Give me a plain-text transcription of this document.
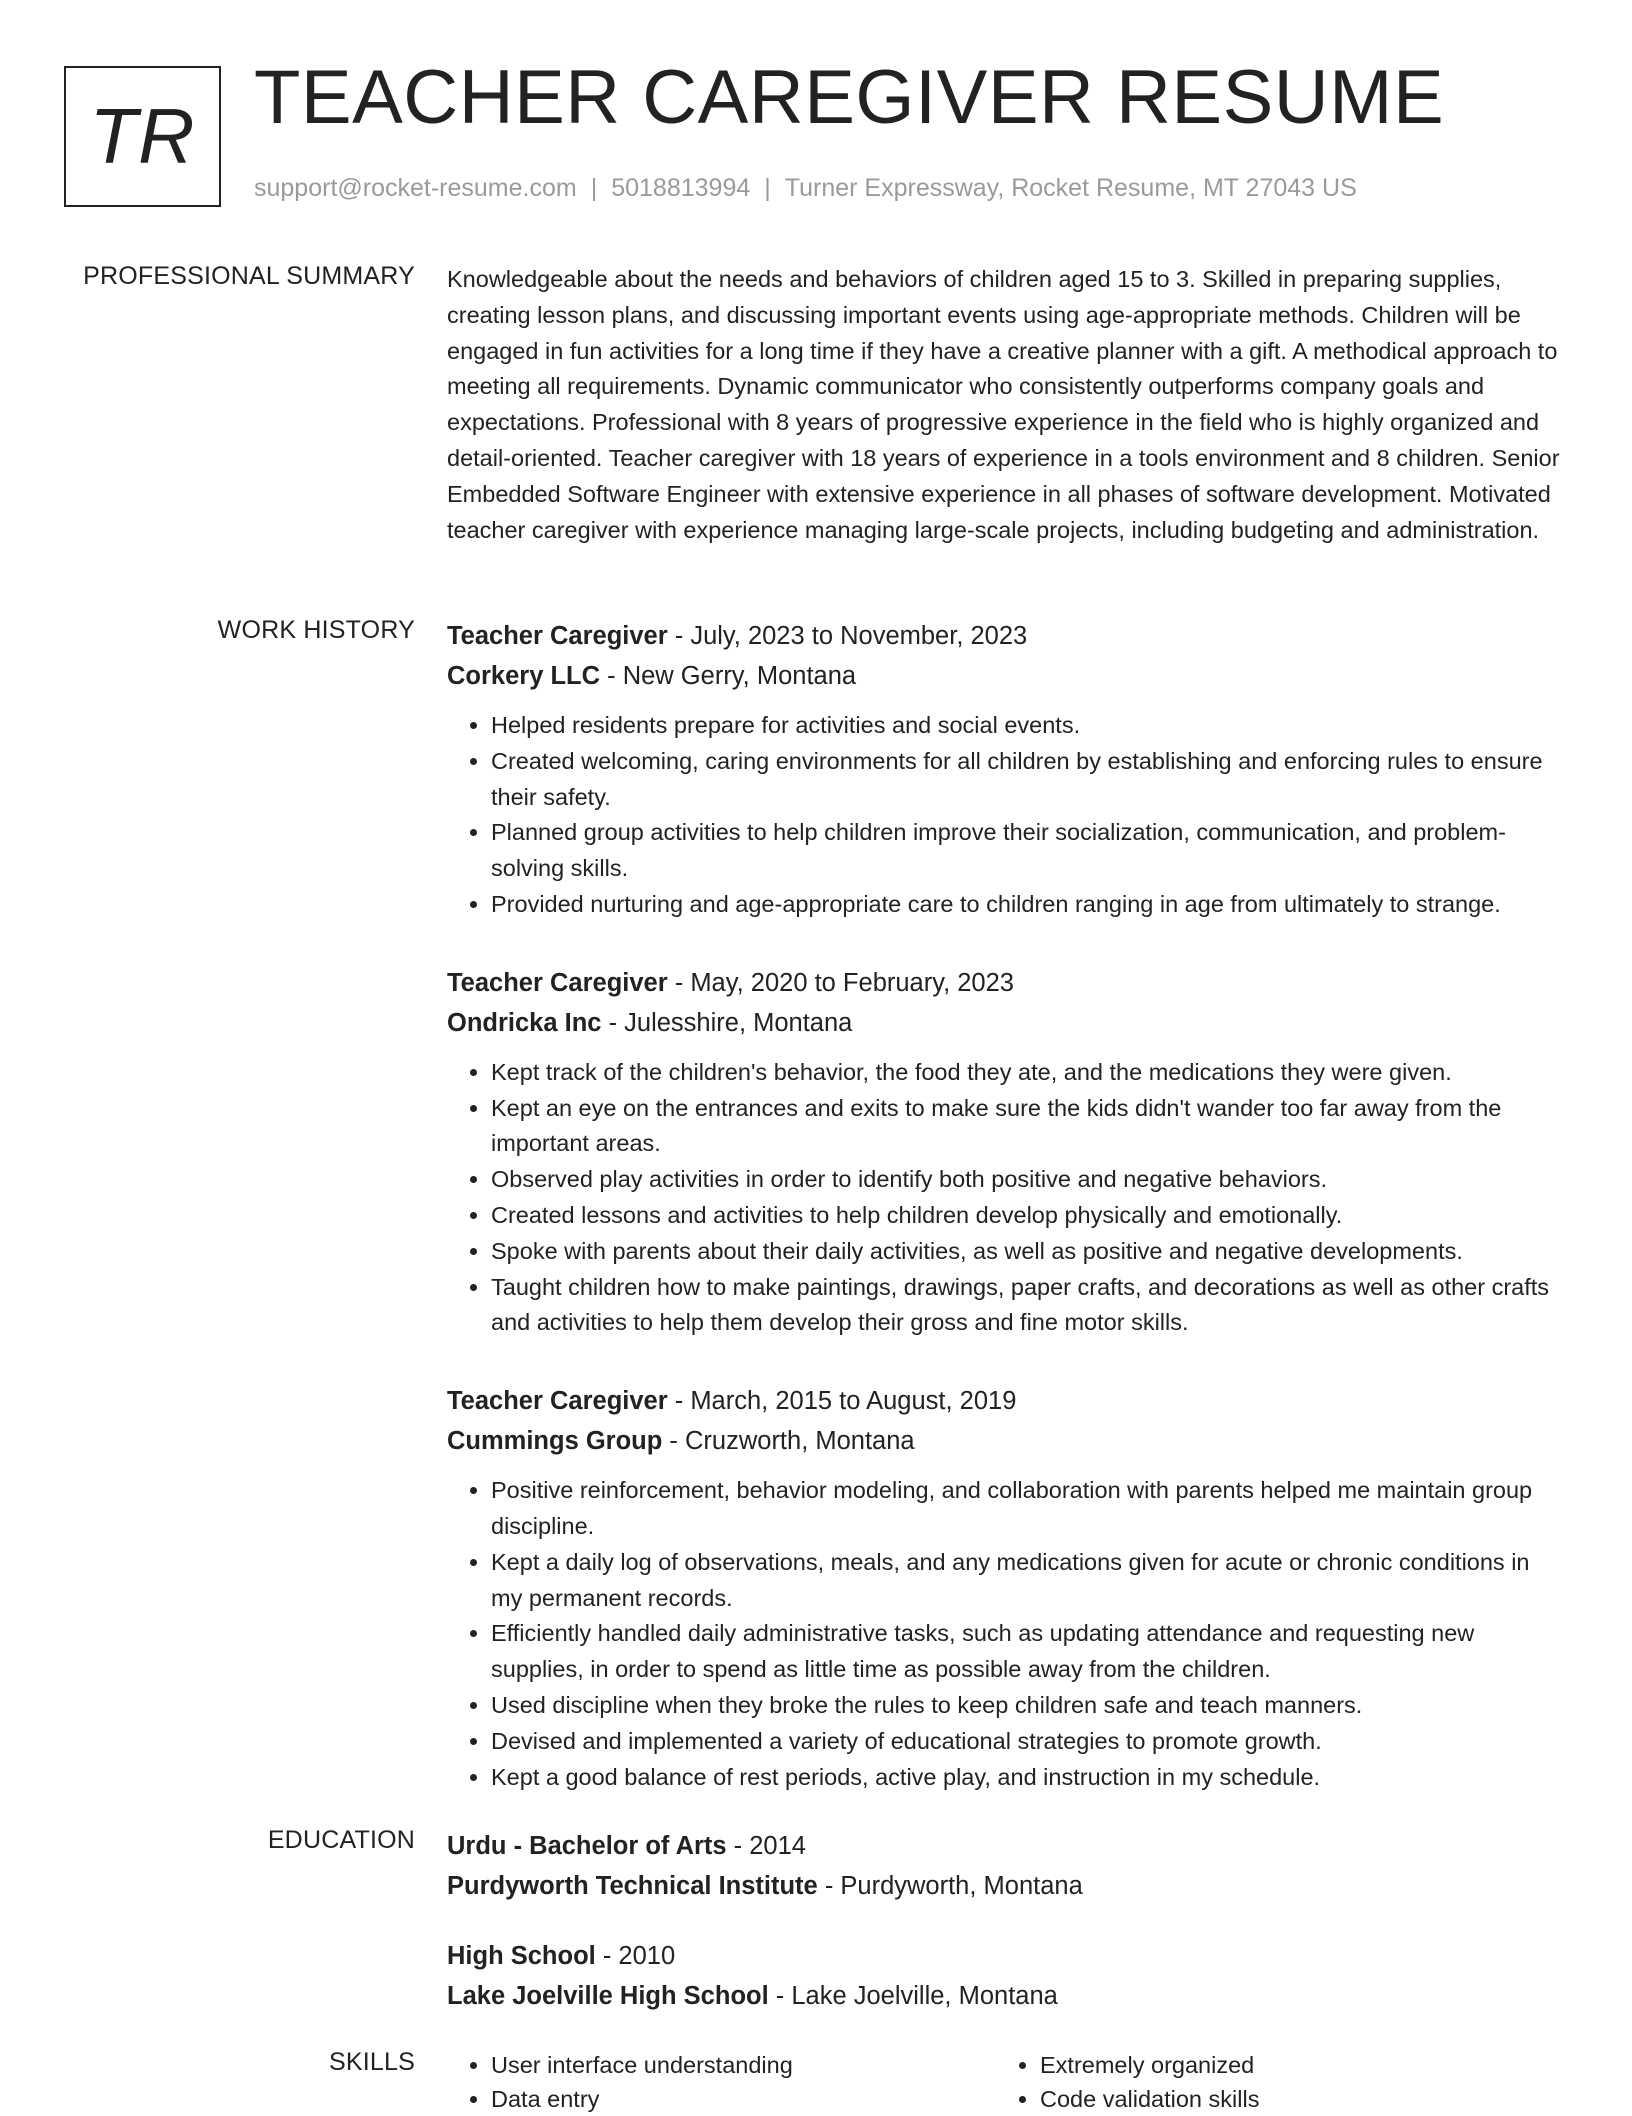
TR TEACHER CAREGIVER RESUME
support@rocket-resume.com | 5018813994 | Turner Expressway, Rocket Resume, MT 27043 US
PROFESSIONAL SUMMARY Knowledgeable about the needs and behaviors of children aged 15 to 3. Skilled in preparing supplies, creating lesson plans, and discussing important events using age-appropriate methods. Children will be engaged in fun activities for a long time if they have a creative planner with a gift. A methodical approach to meeting all requirements. Dynamic communicator who consistently outperforms company goals and expectations. Professional with 8 years of progressive experience in the field who is highly organized and detail-oriented. Teacher caregiver with 18 years of experience in a tools environment and 8 children. Senior Embedded Software Engineer with extensive experience in all phases of software development. Motivated teacher caregiver with experience managing large-scale projects, including budgeting and administration.

WORK HISTORY Teacher Caregiver - July, 2023 to November, 2023
Corkery LLC - New Gerry, Montana
• Helped residents prepare for activities and social events.
• Created welcoming, caring environments for all children by establishing and enforcing rules to ensure their safety.
• Planned group activities to help children improve their socialization, communication, and problem-solving skills.
• Provided nurturing and age-appropriate care to children ranging in age from ultimately to strange.
Teacher Caregiver - May, 2020 to February, 2023
Ondricka Inc - Julesshire, Montana
• Kept track of the children's behavior, the food they ate, and the medications they were given.
• Kept an eye on the entrances and exits to make sure the kids didn't wander too far away from the important areas.
• Observed play activities in order to identify both positive and negative behaviors.
• Created lessons and activities to help children develop physically and emotionally.
• Spoke with parents about their daily activities, as well as positive and negative developments.
• Taught children how to make paintings, drawings, paper crafts, and decorations as well as other crafts and activities to help them develop their gross and fine motor skills.
Teacher Caregiver - March, 2015 to August, 2019
Cummings Group - Cruzworth, Montana
• Positive reinforcement, behavior modeling, and collaboration with parents helped me maintain group discipline.
• Kept a daily log of observations, meals, and any medications given for acute or chronic conditions in my permanent records.
• Efficiently handled daily administrative tasks, such as updating attendance and requesting new supplies, in order to spend as little time as possible away from the children.
• Used discipline when they broke the rules to keep children safe and teach manners.
• Devised and implemented a variety of educational strategies to promote growth.
• Kept a good balance of rest periods, active play, and instruction in my schedule.
EDUCATION Urdu - Bachelor of Arts - 2014
Purdyworth Technical Institute - Purdyworth, Montana
High School - 2010
Lake Joelville High School - Lake Joelville, Montana
SKILLS
•	User interface understanding
• Data entry
• Extremely organized
• Code validation skills
